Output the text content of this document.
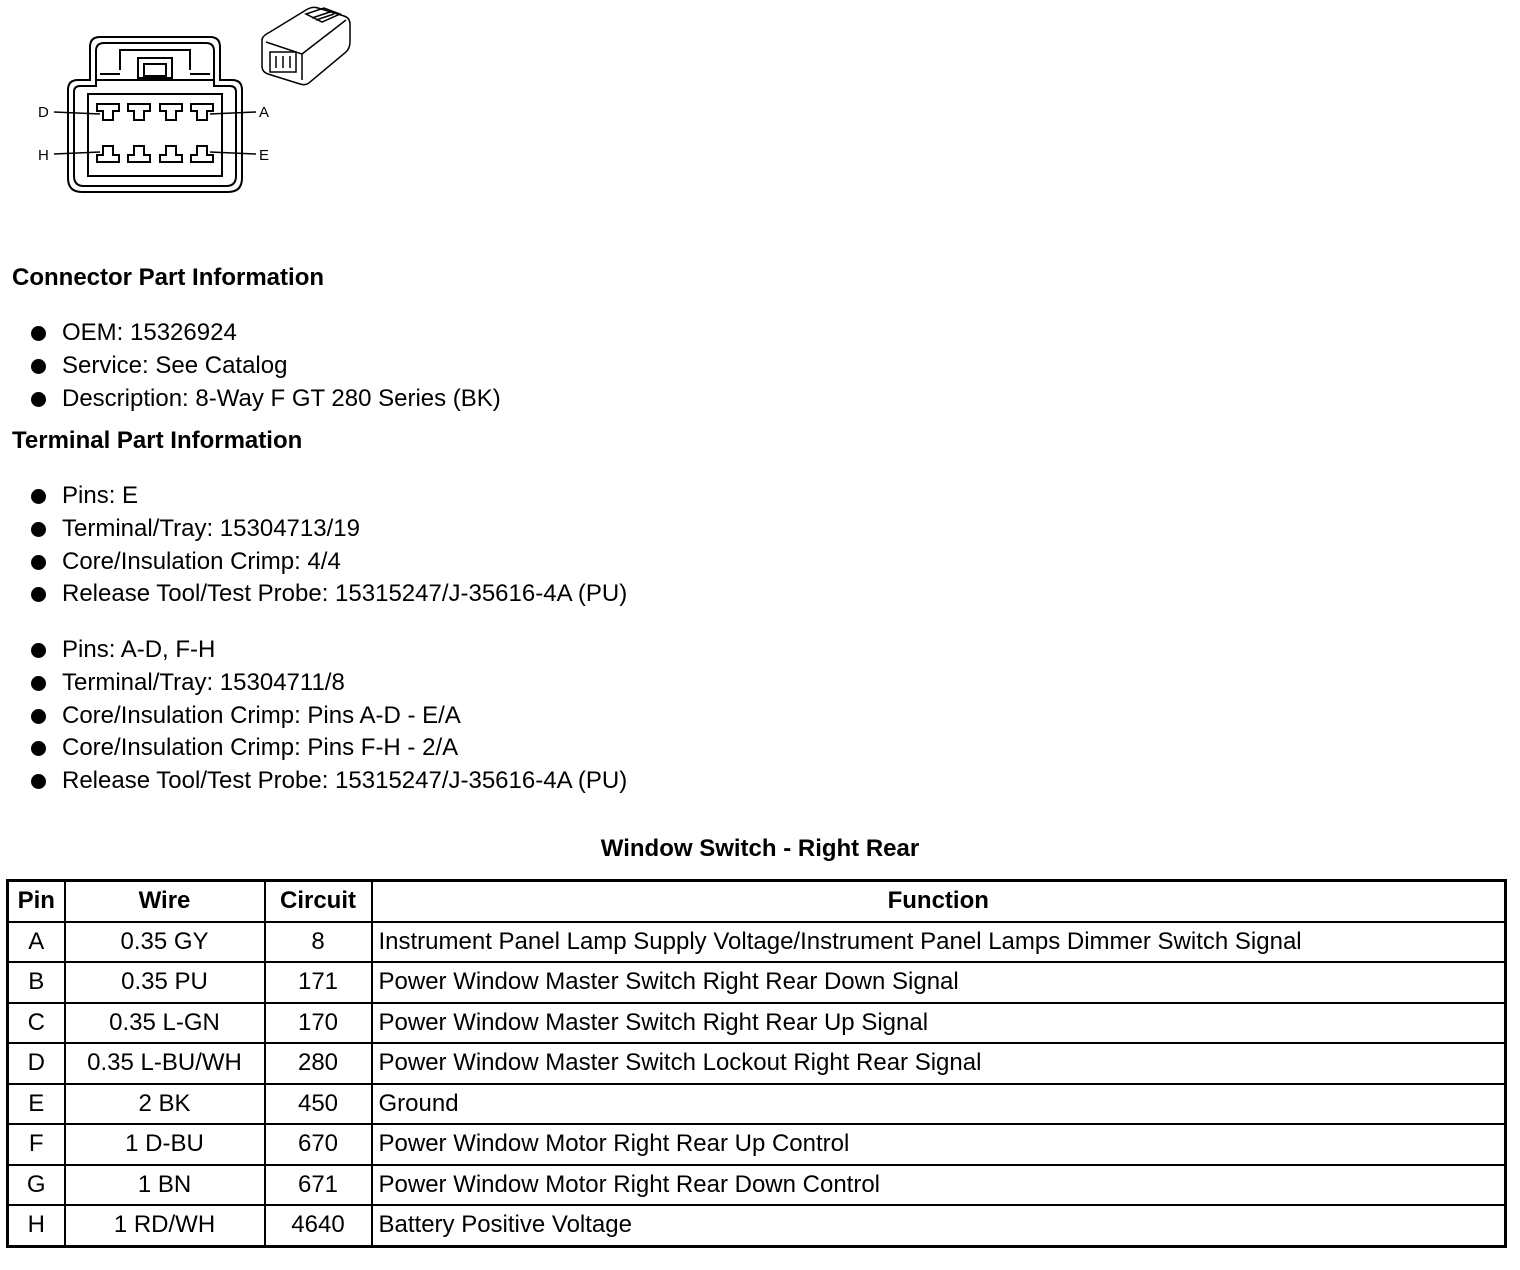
D	A
H	E
Connector Part Information
OEM: 15326924
Service: See Catalog
Description: 8-Way F GT 280 Series (BK)
Terminal Part Information
Pins: E
Terminal/Tray: 15304713/19
Core/Insulation Crimp: 4/4
Release Tool/Test Probe: 15315247/J-35616-4A (PU)
Pins: A-D, F-H
Terminal/Tray: 15304711/8
Core/Insulation Crimp: Pins A-D - E/A
Core/Insulation Crimp: Pins F-H - 2/A
Release Tool/Test Probe: 15315247/J-35616-4A (PU)
Window Switch - Right Rear
Pin	Wire	Circuit	Function
A	0.35 GY	8	Instrument Panel Lamp Supply Voltage/Instrument Panel Lamps Dimmer Switch Signal
B	0.35 PU	171	Power Window Master Switch Right Rear Down Signal
C	0.35 L-GN	170	Power Window Master Switch Right Rear Up Signal
D	0.35 L-BU/WH	280	Power Window Master Switch Lockout Right Rear Signal
E	2 BK	450	Ground
F	1 D-BU	670	Power Window Motor Right Rear Up Control
G	1 BN	671	Power Window Motor Right Rear Down Control
H	1 RD/WH	4640	Battery Positive Voltage
